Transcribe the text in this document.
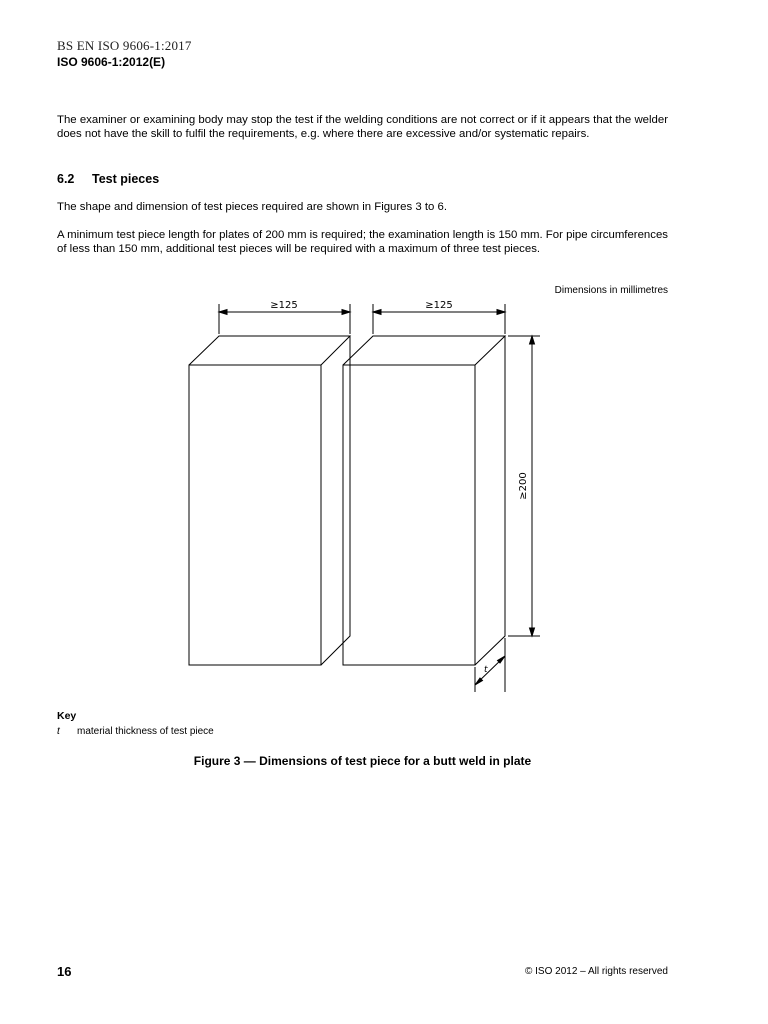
BS EN ISO 9606-1:2017
ISO 9606-1:2012(E)

The examiner or examining body may stop the test if the welding conditions are not correct or if it appears that the welder does not have the skill to fulfil the requirements, e.g. where there are excessive and/or systematic repairs.

6.2 Test pieces

The shape and dimension of test pieces required are shown in Figures 3 to 6.

A minimum test piece length for plates of 200 mm is required; the examination length is 150 mm. For pipe circumferences of less than 150 mm, additional test pieces will be required with a maximum of three test pieces.

Dimensions in millimetres
≥125	≥125
≥200
t
Key
t material thickness of test piece
Figure 3 — Dimensions of test piece for a butt weld in plate
16	© ISO 2012 – All rights reserved
